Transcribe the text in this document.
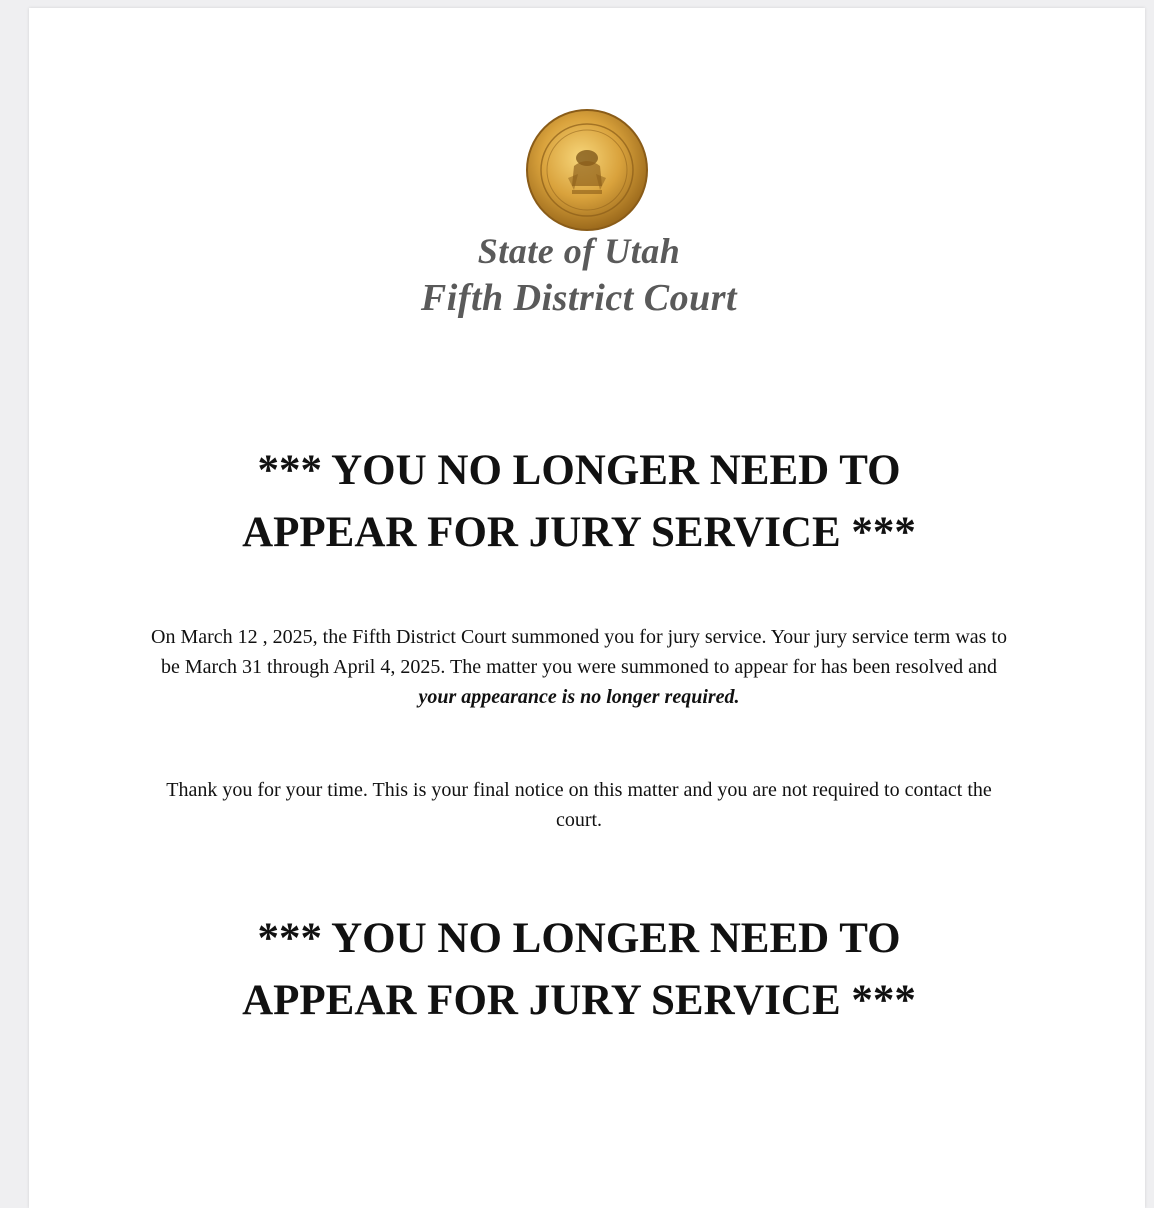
State of Utah
Fifth District Court
*** YOU NO LONGER NEED TO
APPEAR FOR JURY SERVICE ***
On March 12 , 2025, the Fifth District Court summoned you for jury service. Your jury service term was to be March 31 through April 4, 2025. The matter you were summoned to appear for has been resolved and your appearance is no longer required.
Thank you for your time. This is your final notice on this matter and you are not required to contact the court.
*** YOU NO LONGER NEED TO
APPEAR FOR JURY SERVICE ***
